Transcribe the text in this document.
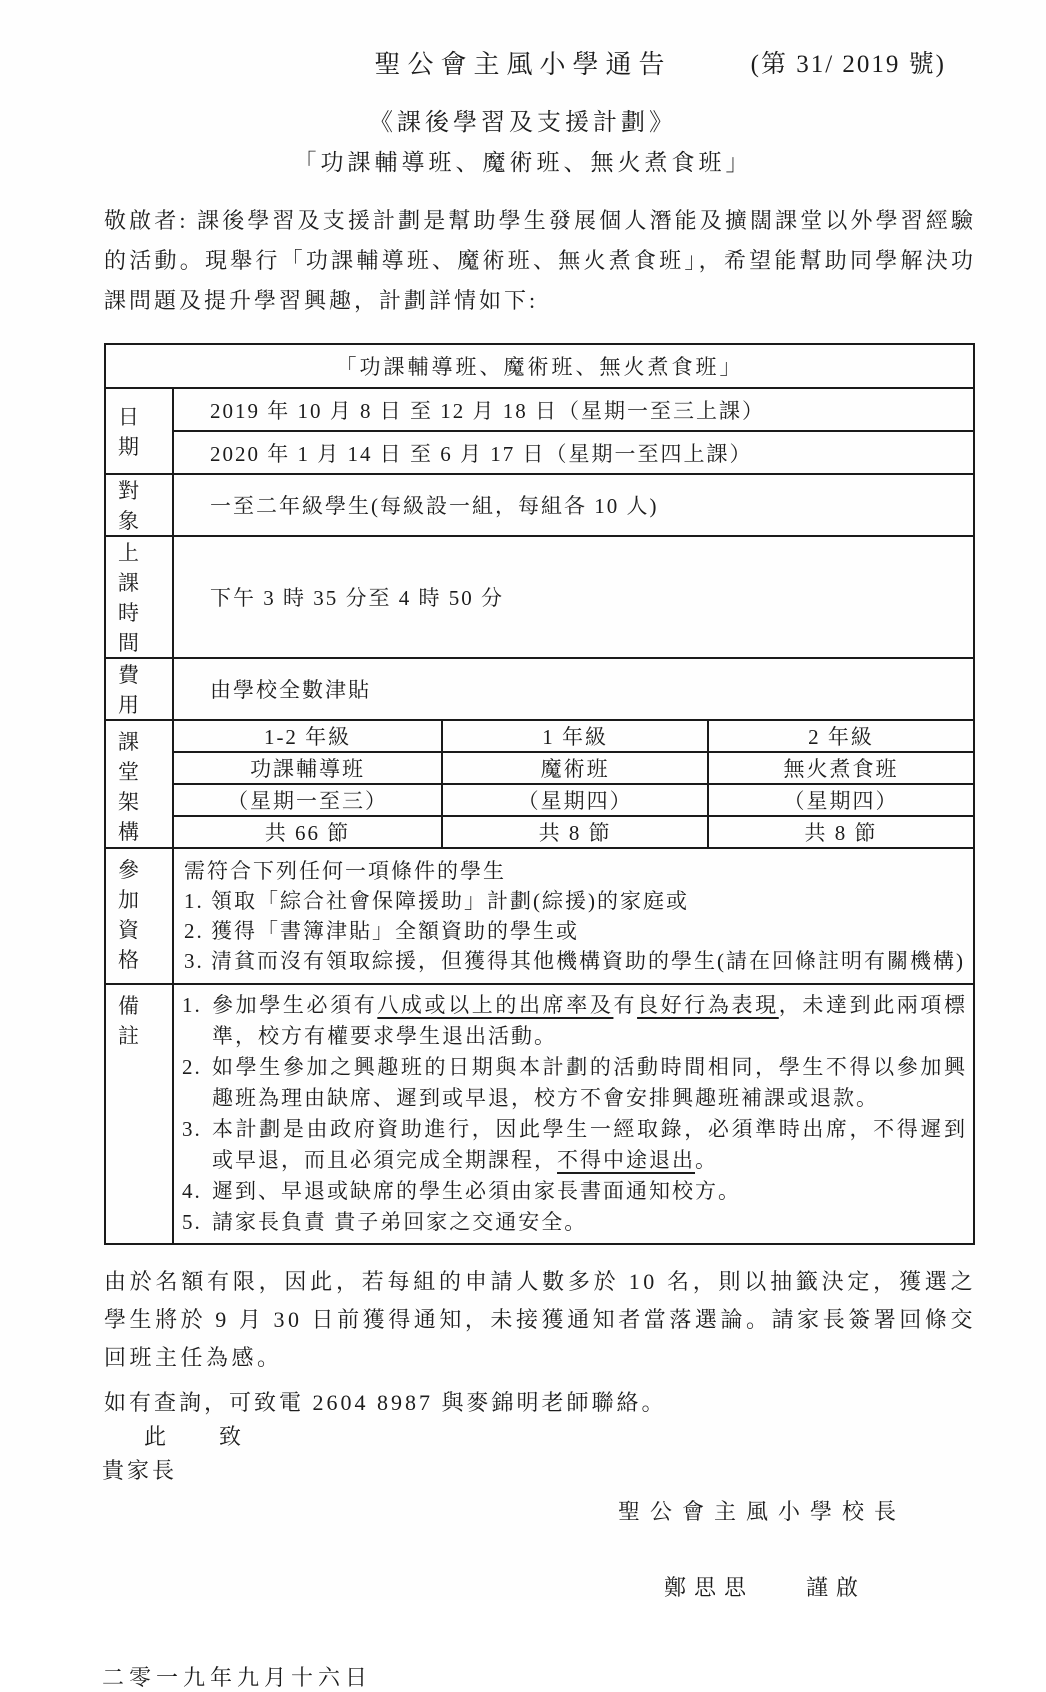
聖公會主風小學通告	(第 31/ 2019 號)
《課後學習及支援計劃》
「功課輔導班、魔術班、無火煮食班」

敬啟者: 課後學習及支援計劃是幫助學生發展個人潛能及擴闊課堂以外學習經驗的活動。現舉行「功課輔導班、魔術班、無火煮食班」，希望能幫助同學解決功課問題及提升學習興趣，計劃詳情如下:

「功課輔導班、魔術班、無火煮食班」			
日期	2019 年 10 月 8 日 至 12 月 18 日（星期一至三上課）		
	2020 年 1 月 14 日 至 6 月 17 日（星期一至四上課）		
對象	一至二年級學生(每級設一組，每組各 10 人)		
上課時間	下午 3 時 35 分至 4 時 50 分		
費用	由學校全數津貼		
課堂架構	1-2 年級	1 年級	2 年級
	功課輔導班	魔術班	無火煮食班
	（星期一至三）	（星期四）	（星期四）
	共 66 節	共 8 節	共 8 節
參加資格	需符合下列任何一項條件的學生
1. 領取「綜合社會保障援助」計劃(綜援)的家庭或
2. 獲得「書簿津貼」全額資助的學生或
3. 清貧而沒有領取綜援，但獲得其他機構資助的學生(請在回條註明有關機構)		

備註	
1. 參加學生必須有八成或以上的出席率及有良好行為表現，未達到此兩項標準，校方有權要求學生退出活動。
2. 如學生參加之興趣班的日期與本計劃的活動時間相同，學生不得以參加興趣班為理由缺席、遲到或早退，校方不會安排興趣班補課或退款。
3. 本計劃是由政府資助進行，因此學生一經取錄，必須準時出席，不得遲到或早退，而且必須完成全期課程，不得中途退出。
4. 遲到、早退或缺席的學生必須由家長書面通知校方。
5. 請家長負責 貴子弟回家之交通安全。

由於名額有限，因此，若每組的申請人數多於 10 名，則以抽籤決定，獲選之學生將於 9 月 30 日前獲得通知，未接獲通知者當落選論。請家長簽署回條交回班主任為感。

如有查詢，可致電 2604 8987 與麥錦明老師聯絡。

此　　致
貴家長
聖公會主風小學校長
鄭思思 謹啟
二零一九年九月十六日
